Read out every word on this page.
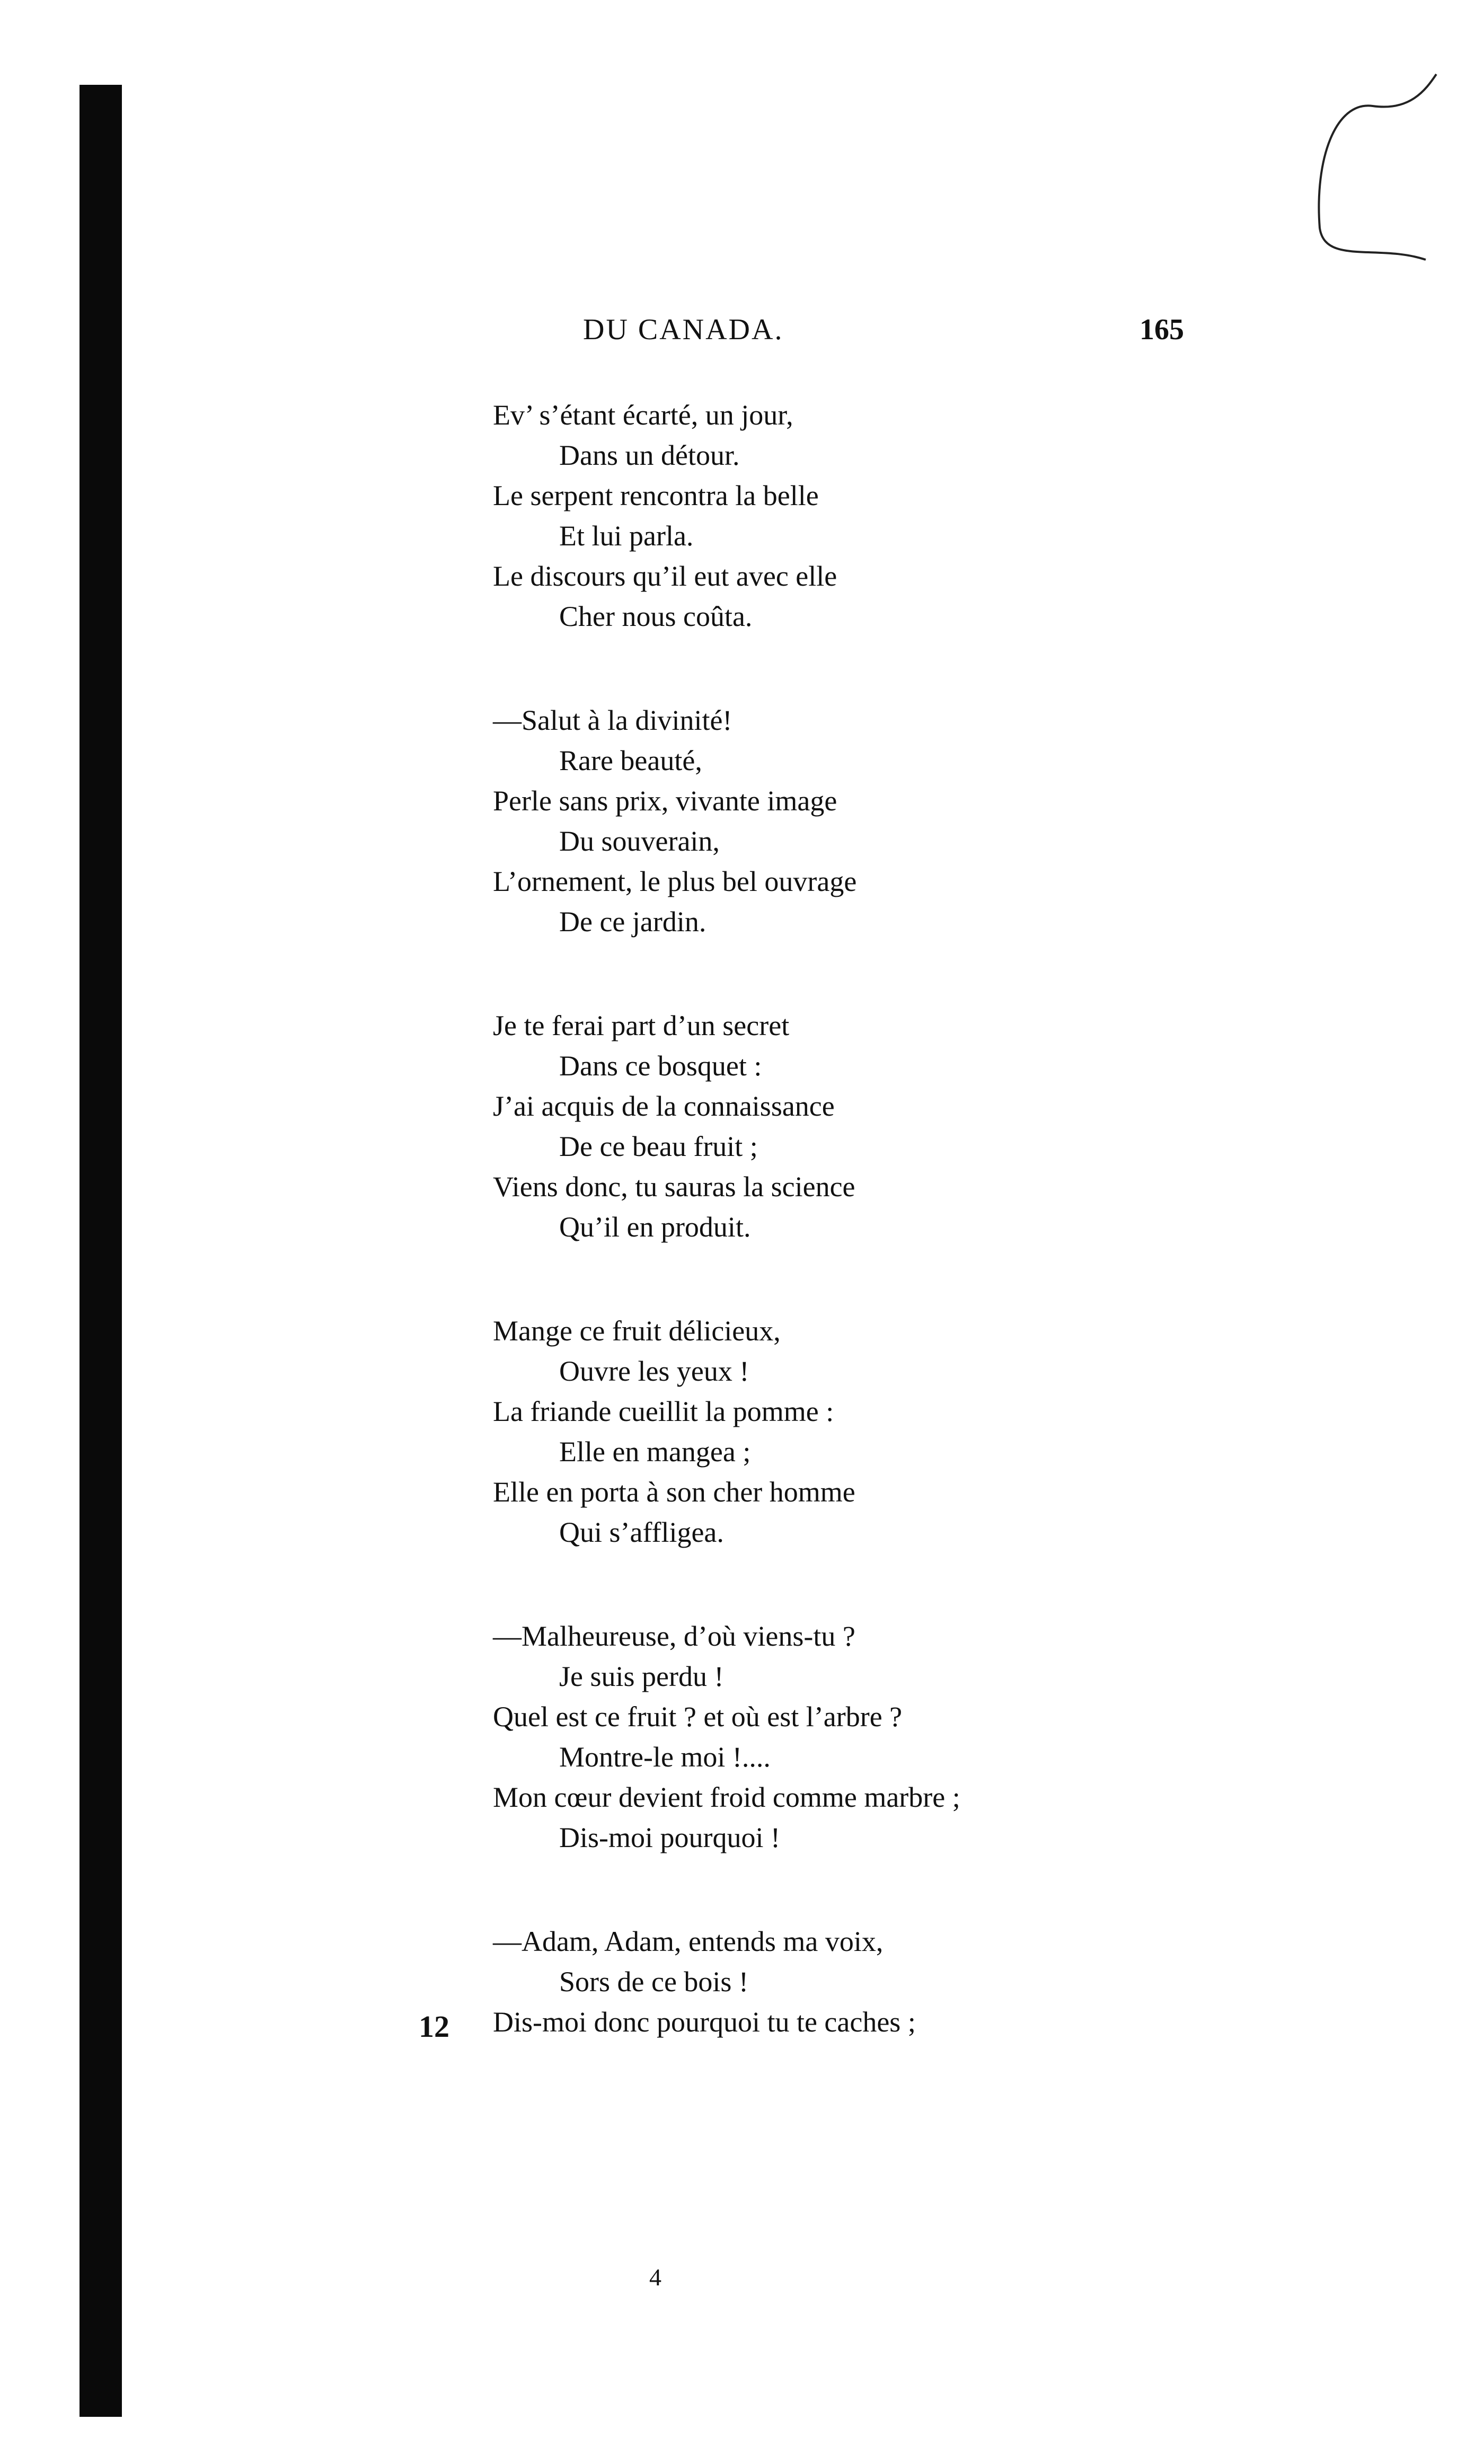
DU CANADA.	165
Ev’ s’étant écarté, un jour,
Dans un détour.
Le serpent rencontra la belle
Et lui parla.
Le discours qu’il eut avec elle
Cher nous coûta.
—Salut à la divinité!
Rare beauté,
Perle sans prix, vivante image
Du souverain,
L’ornement, le plus bel ouvrage
De ce jardin.
Je te ferai part d’un secret
Dans ce bosquet :
J’ai acquis de la connaissance
De ce beau fruit ;
Viens donc, tu sauras la science
Qu’il en produit.
Mange ce fruit délicieux,
Ouvre les yeux !
La friande cueillit la pomme :
Elle en mangea ;
Elle en porta à son cher homme
Qui s’affligea.
—Malheureuse, d’où viens-tu ?
Je suis perdu !
Quel est ce fruit ? et où est l’arbre ?
Montre-le moi !....
Mon cœur devient froid comme marbre ;
Dis-moi pourquoi !
—Adam, Adam, entends ma voix,
Sors de ce bois !
Dis-moi donc pourquoi tu te caches ;
12
4
